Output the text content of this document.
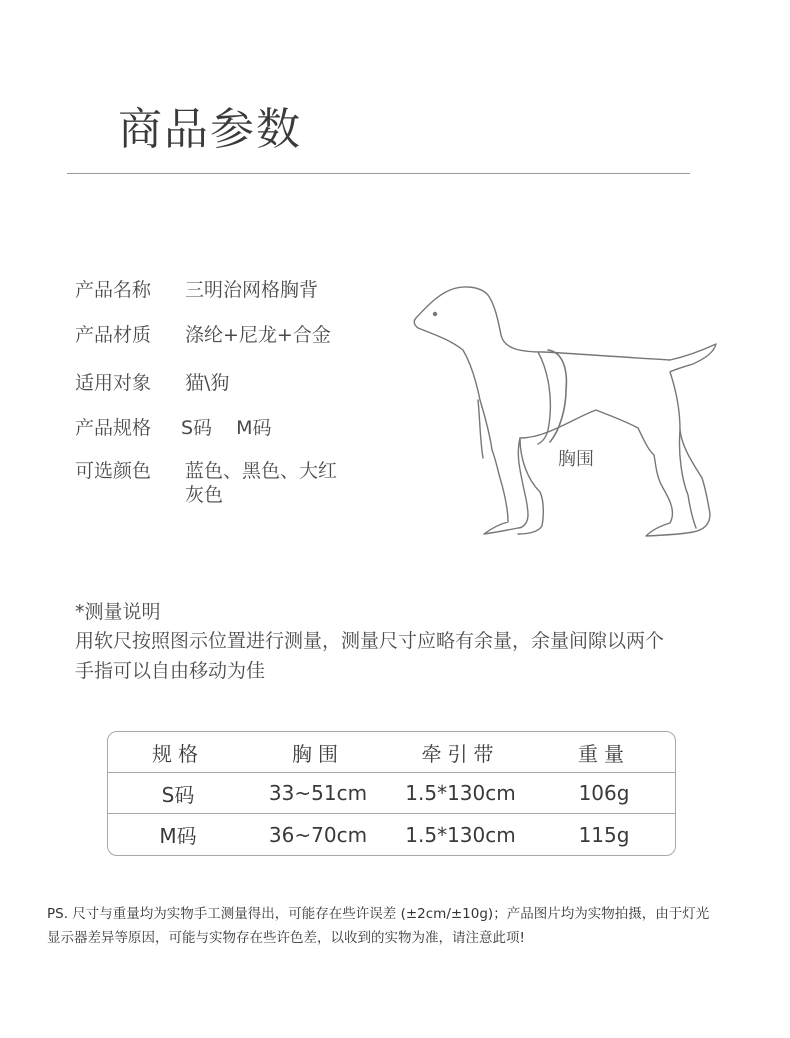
商品参数
产品名称	三明治网格胸背
产品材质	涤纶+尼龙+合金
适用对象	猫\狗
产品规格	S码 M码
可选颜色	蓝色、黑色、大红
灰色
胸围
*测量说明
用软尺按照图示位置进行测量，测量尺寸应略有余量，余量间隙以两个
手指可以自由移动为佳
规格	胸围	牵引带	重量
S码	33~51cm	1.5*130cm	106g
M码	36~70cm	1.5*130cm	115g
PS. 尺寸与重量均为实物手工测量得出，可能存在些许误差 (±2cm/±10g)；产品图片均为实物拍摄，由于灯光
显示器差异等原因，可能与实物存在些许色差，以收到的实物为准，请注意此项!
